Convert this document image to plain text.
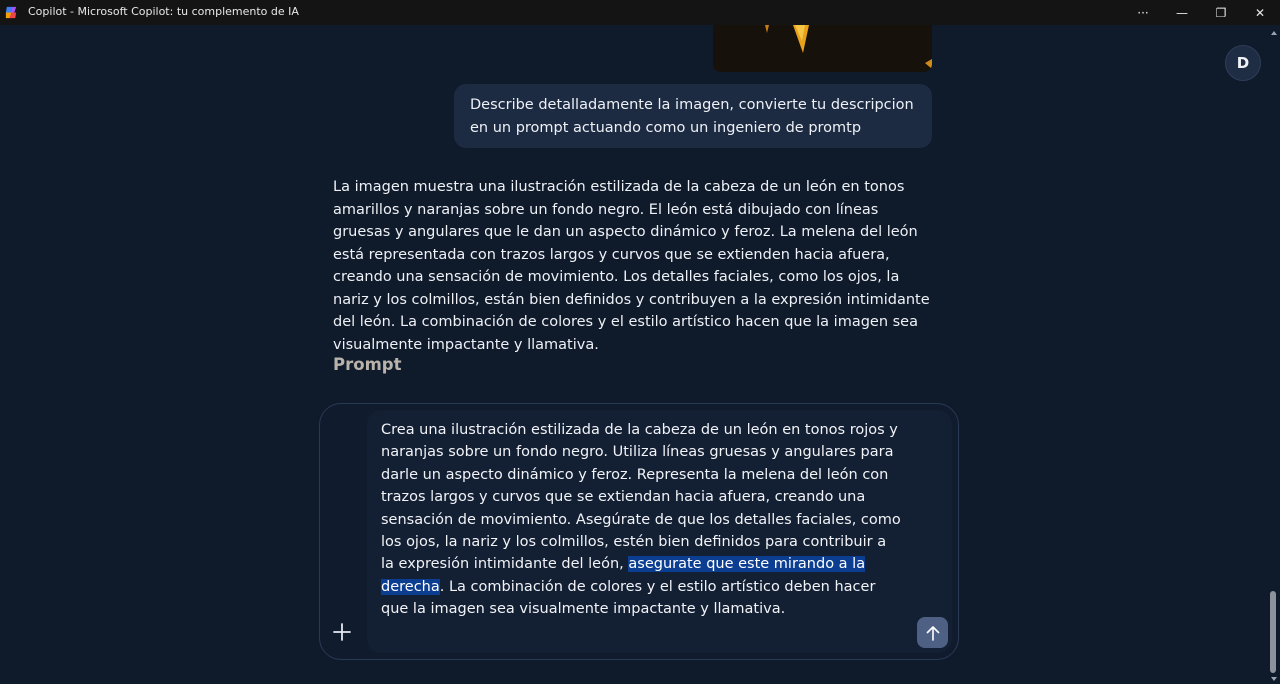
Copilot - Microsoft Copilot: tu complemento de IA	··· — ❐ ✕
D
Describe detalladamente la imagen, convierte tu descripcion en un prompt actuando como un ingeniero de promtp
La imagen muestra una ilustración estilizada de la cabeza de un león en tonos amarillos y naranjas sobre un fondo negro. El león está dibujado con líneas gruesas y angulares que le dan un aspecto dinámico y feroz. La melena del león está representada con trazos largos y curvos que se extienden hacia afuera, creando una sensación de movimiento. Los detalles faciales, como los ojos, la nariz y los colmillos, están bien definidos y contribuyen a la expresión intimidante del león. La combinación de colores y el estilo artístico hacen que la imagen sea visualmente impactante y llamativa.
Prompt
Crea una ilustración estilizada de la cabeza de un león en tonos rojos y naranjas sobre un fondo negro. Utiliza líneas gruesas y angulares para darle un aspecto dinámico y feroz. Representa la melena del león con trazos largos y curvos que se extiendan hacia afuera, creando una sensación de movimiento. Asegúrate de que los detalles faciales, como los ojos, la nariz y los colmillos, estén bien definidos para contribuir a la expresión intimidante del león, asegurate que este mirando a la derecha. La combinación de colores y el estilo artístico deben hacer que la imagen sea visualmente impactante y llamativa.
